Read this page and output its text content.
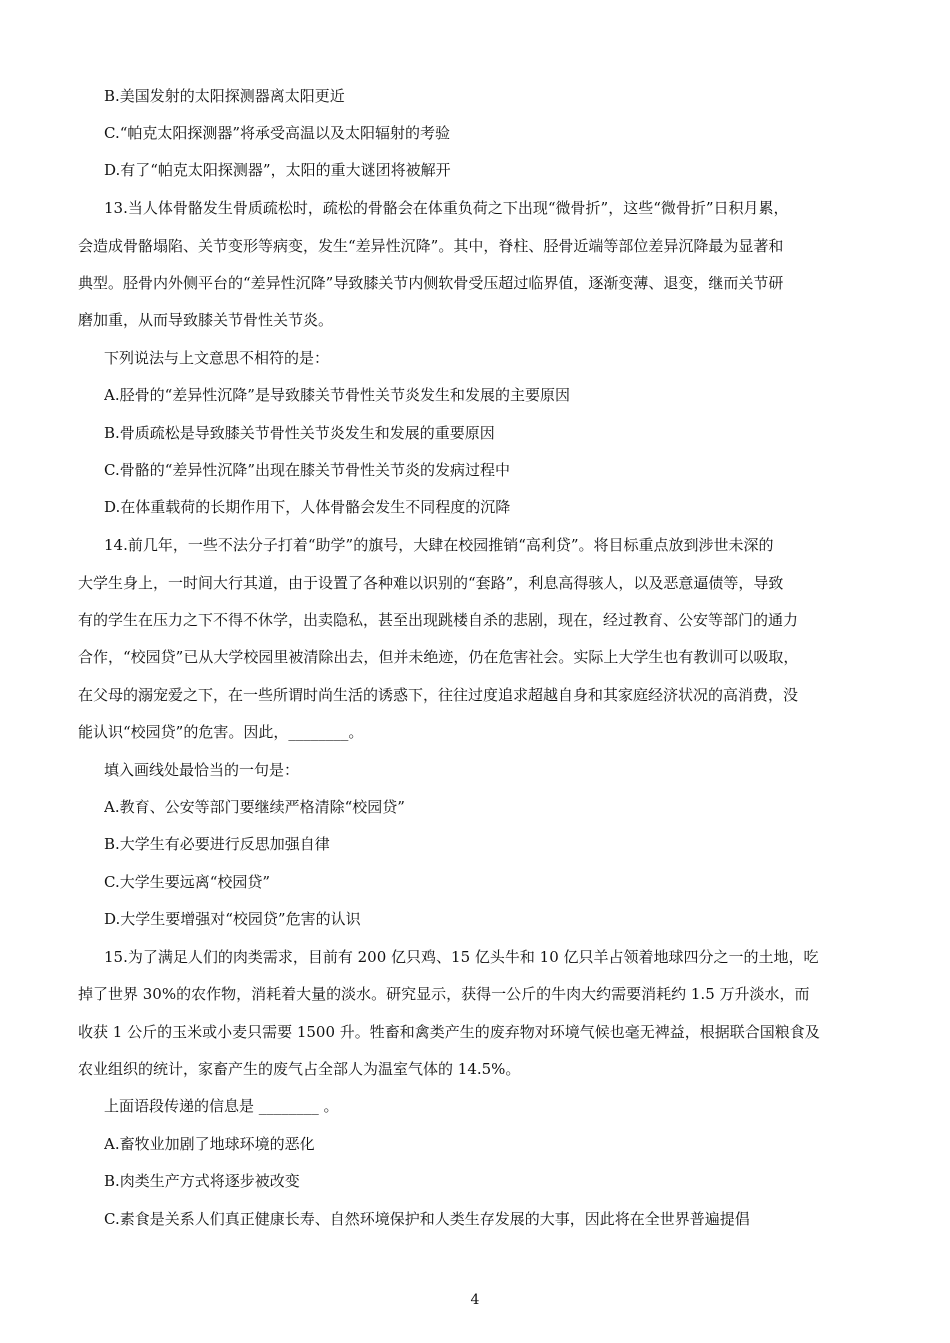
B.美国发射的太阳探测器离太阳更近
C.“帕克太阳探测器”将承受高温以及太阳辐射的考验
D.有了“帕克太阳探测器”，太阳的重大谜团将被解开
13.当人体骨骼发生骨质疏松时，疏松的骨骼会在体重负荷之下出现“微骨折”，这些“微骨折”日积月累，
会造成骨骼塌陷、关节变形等病变，发生“差异性沉降”。其中，脊柱、胫骨近端等部位差异沉降最为显著和
典型。胫骨内外侧平台的“差异性沉降”导致膝关节内侧软骨受压超过临界值，逐渐变薄、退变，继而关节研
磨加重，从而导致膝关节骨性关节炎。
下列说法与上文意思不相符的是：
A.胫骨的“差异性沉降”是导致膝关节骨性关节炎发生和发展的主要原因
B.骨质疏松是导致膝关节骨性关节炎发生和发展的重要原因
C.骨骼的“差异性沉降”出现在膝关节骨性关节炎的发病过程中
D.在体重载荷的长期作用下，人体骨骼会发生不同程度的沉降
14.前几年，一些不法分子打着“助学”的旗号，大肆在校园推销“高利贷”。将目标重点放到涉世未深的
大学生身上，一时间大行其道，由于设置了各种难以识别的“套路”，利息高得骇人，以及恶意逼债等，导致
有的学生在压力之下不得不休学，出卖隐私，甚至出现跳楼自杀的悲剧，现在，经过教育、公安等部门的通力
合作，“校园贷”已从大学校园里被清除出去，但并未绝迹，仍在危害社会。实际上大学生也有教训可以吸取，
在父母的溺宠爱之下，在一些所谓时尚生活的诱惑下，往往过度追求超越自身和其家庭经济状况的高消费，没
能认识“校园贷”的危害。因此，________。
填入画线处最恰当的一句是：
A.教育、公安等部门要继续严格清除“校园贷”
B.大学生有必要进行反思加强自律
C.大学生要远离“校园贷”
D.大学生要增强对“校园贷”危害的认识
15.为了满足人们的肉类需求，目前有 200 亿只鸡、15 亿头牛和 10 亿只羊占领着地球四分之一的土地，吃
掉了世界 30%的农作物，消耗着大量的淡水。研究显示，获得一公斤的牛肉大约需要消耗约 1.5 万升淡水，而
收获 1 公斤的玉米或小麦只需要 1500 升。牲畜和禽类产生的废弃物对环境气候也毫无裨益，根据联合国粮食及
农业组织的统计，家畜产生的废气占全部人为温室气体的 14.5%。
上面语段传递的信息是 ________ 。
A.畜牧业加剧了地球环境的恶化
B.肉类生产方式将逐步被改变
C.素食是关系人们真正健康长寿、自然环境保护和人类生存发展的大事，因此将在全世界普遍提倡
4
